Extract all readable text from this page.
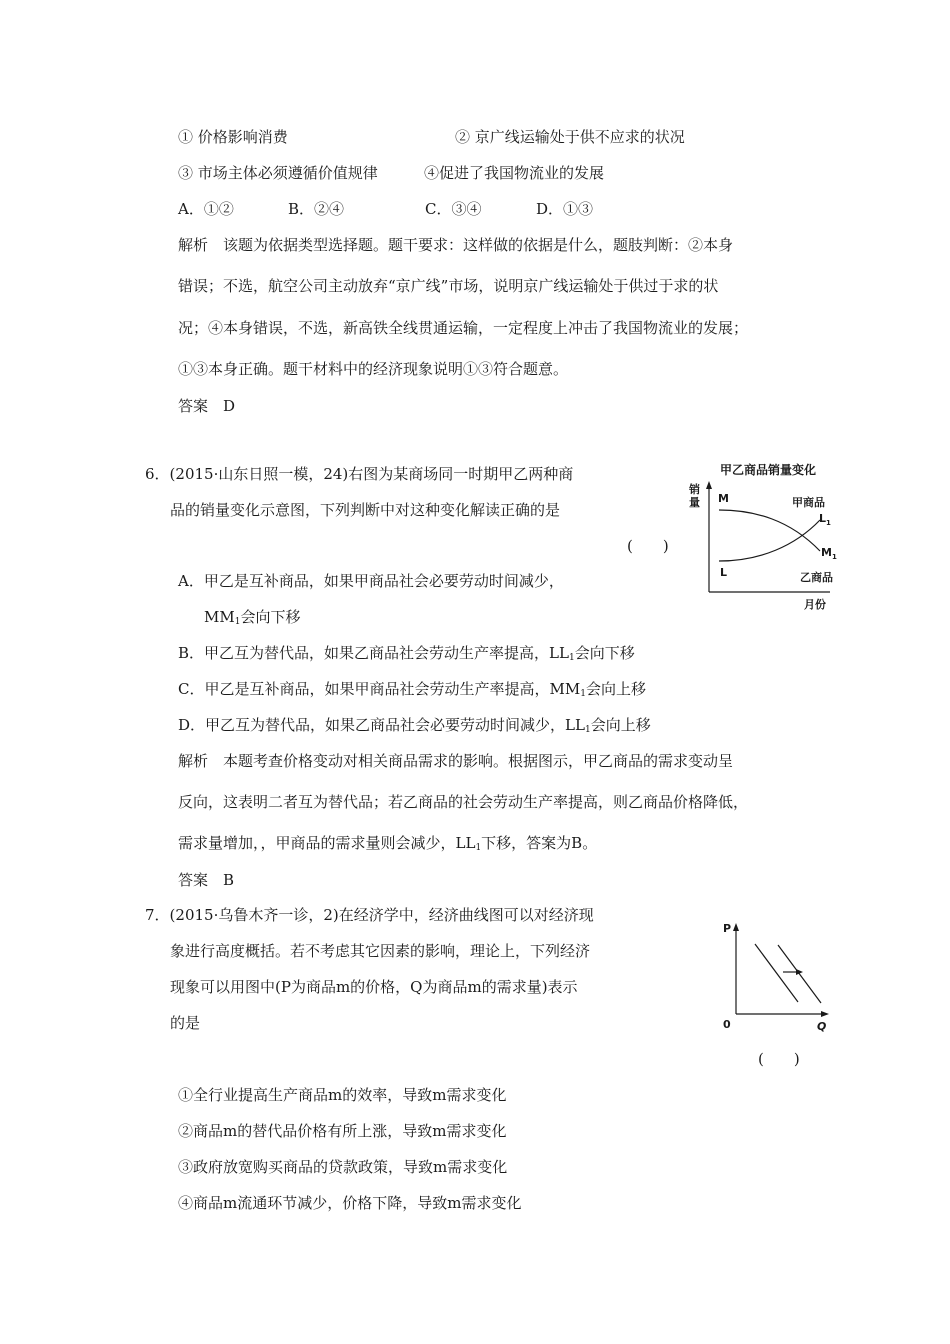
① 价格影响消费	② 京广线运输处于供不应求的状况
③ 市场主体必须遵循价值规律	④促进了我国物流业的发展
A．①②	B．②④	C．③④	D．①③
解析　该题为依据类型选择题。题干要求：这样做的依据是什么，题肢判断：②本身
错误；不选，航空公司主动放弃“京广线”市场，说明京广线运输处于供过于求的状
况；④本身错误，不选，新高铁全线贯通运输，一定程度上冲击了我国物流业的发展；
①③本身正确。题干材料中的经济现象说明①③符合题意。
答案　D
6．(2015·山东日照一模，24)右图为某商场同一时期甲乙两种商
品的销量变化示意图，下列判断中对这种变化解读正确的是
(　　)
A．甲乙是互补商品，如果甲商品社会必要劳动时间减少，
$MM_1$会向下移
B．甲乙互为替代品，如果乙商品社会劳动生产率提高，$LL_1$会向下移
C．甲乙是互补商品，如果甲商品社会劳动生产率提高，$MM_1$会向上移
D．甲乙互为替代品，如果乙商品社会必要劳动时间减少，$LL_1$会向上移
解析　本题考查价格变动对相关商品需求的影响。根据图示，甲乙商品的需求变动呈
反向，这表明二者互为替代品；若乙商品的社会劳动生产率提高，则乙商品价格降低，
需求量增加，，甲商品的需求量则会减少，$LL_1$下移，答案为B。
答案　B
甲乙商品销量变化
销
量 M	甲商品
$L_1$
$M_1$
L	乙商品
月份
7．(2015·乌鲁木齐一诊，2)在经济学中，经济曲线图可以对经济现
象进行高度概括。若不考虑其它因素的影响，理论上，下列经济
现象可以用图中(P为商品m的价格，Q为商品m的需求量)表示
的是
(　　)
①全行业提高生产商品m的效率，导致m需求变化
②商品m的替代品价格有所上涨，导致m需求变化
③政府放宽购买商品的贷款政策，导致m需求变化
④商品m流通环节减少，价格下降，导致m需求变化
P
0	Q
